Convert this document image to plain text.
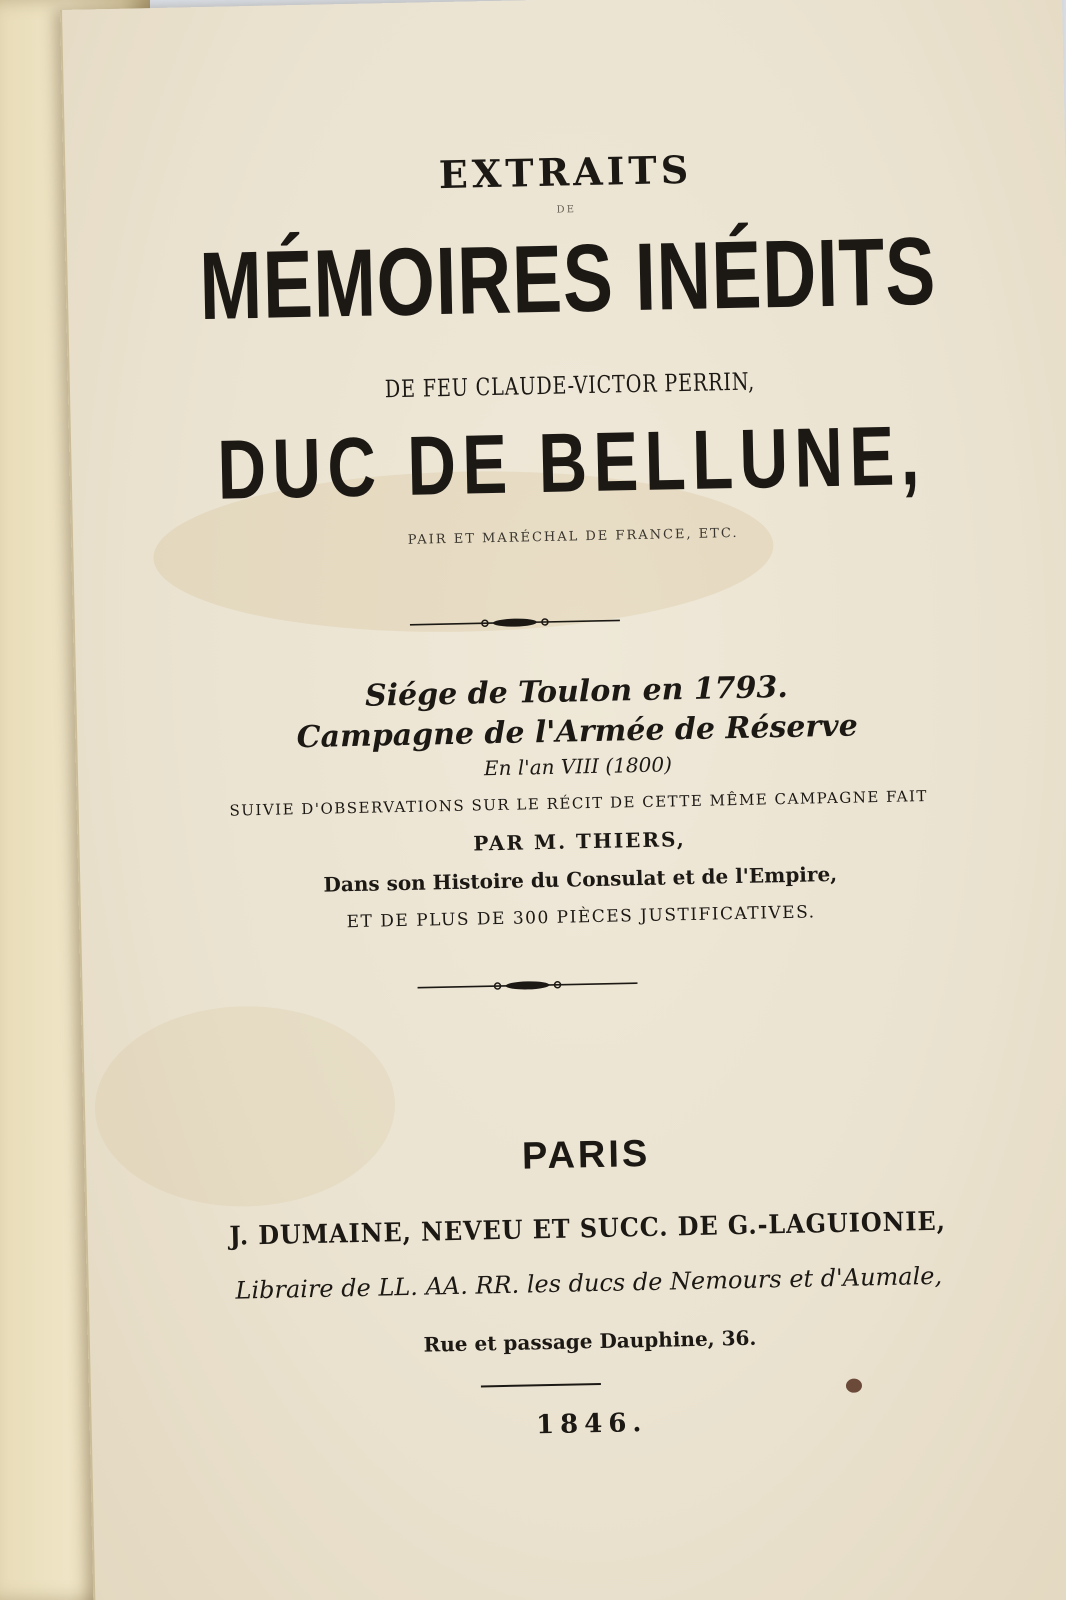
EXTRAITS
DE
MÉMOIRES INÉDITS
DE FEU CLAUDE-VICTOR PERRIN,
DUC DE BELLUNE,
PAIR ET MARÉCHAL DE FRANCE, ETC.
Siége de Toulon en 1793.
Campagne de l'Armée de Réserve
En l'an VIII (1800)
SUIVIE D'OBSERVATIONS SUR LE RÉCIT DE CETTE MÊME CAMPAGNE FAIT
PAR M. THIERS,
Dans son Histoire du Consulat et de l'Empire,
ET DE PLUS DE 300 PIÈCES JUSTIFICATIVES.
PARIS
J. DUMAINE, NEVEU ET SUCC. DE G.-LAGUIONIE,
Libraire de LL. AA. RR. les ducs de Nemours et d'Aumale,
Rue et passage Dauphine, 36.
1846.
